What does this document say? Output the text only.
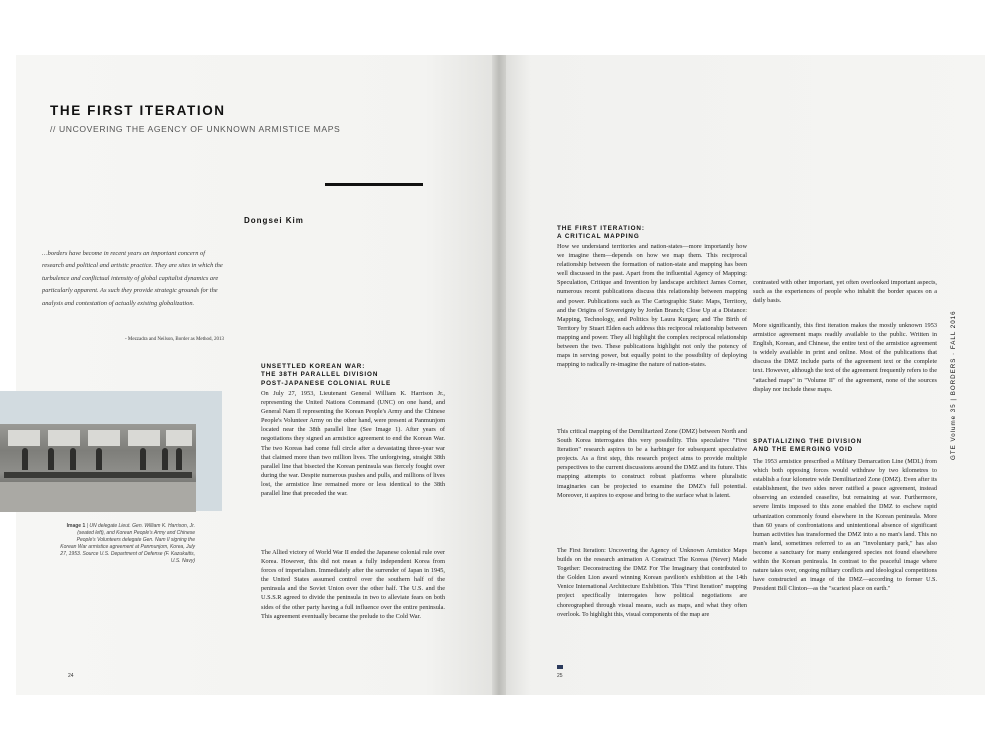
THE FIRST ITERATION
// UNCOVERING THE AGENCY OF UNKNOWN ARMISTICE MAPS
Dongsei Kim

…borders have become in recent years an important concern of research and political and artistic practice. They are sites in which the turbulence and conflictual intensity of global capitalist dynamics are particularly apparent. As such they provide strategic grounds for the analysis and contestation of actually existing globalization.

- Mezzadra and Neilson, Border as Method, 2013
UNSETTLED KOREAN WAR:
THE 38TH PARALLEL DIVISION
POST-JAPANESE COLONIAL RULE

On July 27, 1953, Lieutenant General William K. Harrison Jr., representing the United Nations Command (UNC) on one hand, and General Nam Il representing the Korean People's Army and the Chinese People's Volunteer Army on the other hand, were present at Panmunjom located near the 38th parallel line (See Image 1). After years of negotiations they signed an armistice agreement to end the Korean War. The two Koreas had come full circle after a devastating three-year war that claimed more than two million lives. The unforgiving, straight 38th parallel line that bisected the Korean peninsula was fiercely fought over during the war. Despite numerous pushes and pulls, and millions of lives lost, the armistice line remained more or less identical to the 38th parallel line that preceded the war.

The Allied victory of World War II ended the Japanese colonial rule over Korea. However, this did not mean a fully independent Korea from forces of imperialism. Immediately after the surrender of Japan in 1945, the United States assumed control over the southern half of the peninsula and the Soviet Union over the other half. The U.S. and the U.S.S.R agreed to divide the peninsula in two to alleviate fears on both sides of the other party having a full influence over the entire peninsula. This agreement eventually became the prelude to the Cold War.

Image 1 | UN delegate Lieut. Gen. William K. Harrison, Jr. (seated left), and Korean People's Army and Chinese People's Volunteers delegate Gen. Nam Il signing the Korean War armistice agreement at Panmunjom, Korea, July 27, 1953. Source U.S. Department of Defense (F. Kazukaitis, U.S. Navy)

24
THE FIRST ITERATION:
A CRITICAL MAPPING

How we understand territories and nation-states—more importantly how we imagine them—depends on how we map them. This reciprocal relationship between the formation of nation-state and mapping has been well discussed in the past. Apart from the influential Agency of Mapping: Speculation, Critique and Invention by landscape architect James Corner, numerous recent publications discuss this relationship between mapping and power. Publications such as The Cartographic State: Maps, Territory, and the Origins of Sovereignty by Jordan Branch; Close Up at a Distance: Mapping, Technology, and Politics by Laura Kurgan; and The Birth of Territory by Stuart Elden each address this reciprocal relationship between mapping and power. They all highlight the complex reciprocal relationship between the two. These publications highlight not only the potency of maps in serving power, but equally point to the possibility of deploying mapping to radically re-imagine the nature of nation-states.

This critical mapping of the Demilitarized Zone (DMZ) between North and South Korea interrogates this very possibility. This speculative "First Iteration" research aspires to be a harbinger for subsequent speculative projects. As a first step, this research project aims to provide multiple perspectives to the current discussions around the DMZ and its future. This mapping attempts to construct robust platforms where pluralistic imaginaries can be projected to examine the DMZ's full potential. Moreover, it aspires to expose and bring to the surface what is latent.

The First Iteration: Uncovering the Agency of Unknown Armistice Maps builds on the research animation A Construct The Koreas (Never) Made Together: Deconstructing the DMZ For The Imaginary that contributed to the Golden Lion award winning Korean pavilion's exhibition at the 14th Venice International Architecture Exhibition. This "First Iteration" mapping project specifically interrogates how political negotiations are choreographed through visual means, such as maps, and what they often overlook. To highlight this, visual components of the map are

contrasted with other important, yet often overlooked important aspects, such as the experiences of people who inhabit the border spaces on a daily basis.

More significantly, this first iteration makes the mostly unknown 1953 armistice agreement maps readily available to the public. Written in English, Korean, and Chinese, the entire text of the armistice agreement is widely available in print and online. Most of the publications that discuss the DMZ include parts of the agreement text or the complete text. However, although the text of the agreement frequently refers to the "attached maps" in "Volume II" of the agreement, none of the sources display nor include these maps.

SPATIALIZING THE DIVISION
AND THE EMERGING VOID

The 1953 armistice prescribed a Military Demarcation Line (MDL) from which both opposing forces would withdraw by two kilometres to establish a four kilometre wide Demilitarized Zone (DMZ). Even after its establishment, the two sides never ratified a peace agreement, instead observing an extended ceasefire, but remaining at war. Furthermore, severe limits imposed to this zone enabled the DMZ to eschew rapid urbanization commonly found elsewhere in the Korean peninsula. More than 60 years of confrontations and unintentional absence of significant human activities has transformed the DMZ into a no man's land. This no man's land, sometimes referred to as an "involuntary park," has also become a sanctuary for many endangered species not found elsewhere within the Korean peninsula. In contrast to the peaceful image where nature takes over, ongoing military conflicts and ideological competitions have constructed an image of the DMZ—according to former U.S. President Bill Clinton—as the "scariest place on earth."

25
GTE Volume 35 | BORDERS · FALL 2016
